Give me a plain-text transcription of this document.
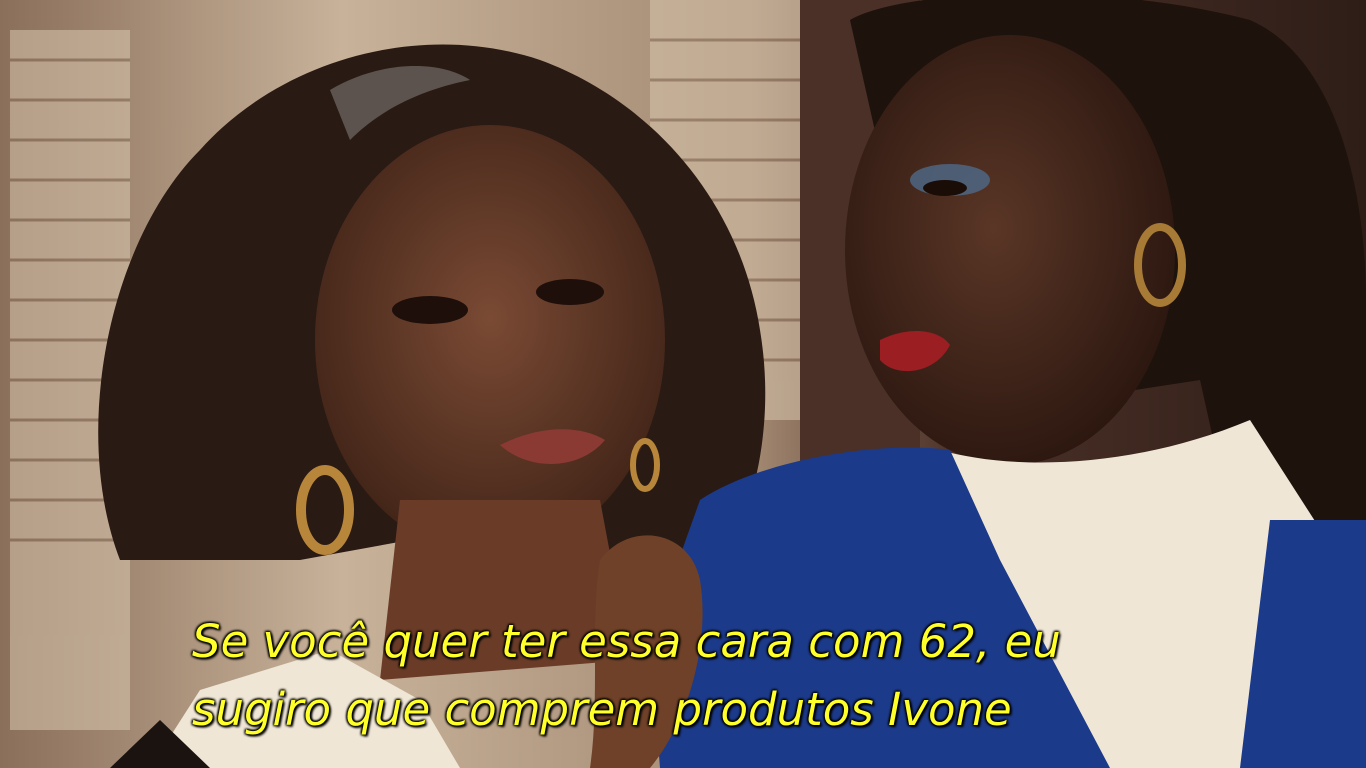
Se você quer ter essa cara com 62, eu
sugiro que comprem produtos Ivone
